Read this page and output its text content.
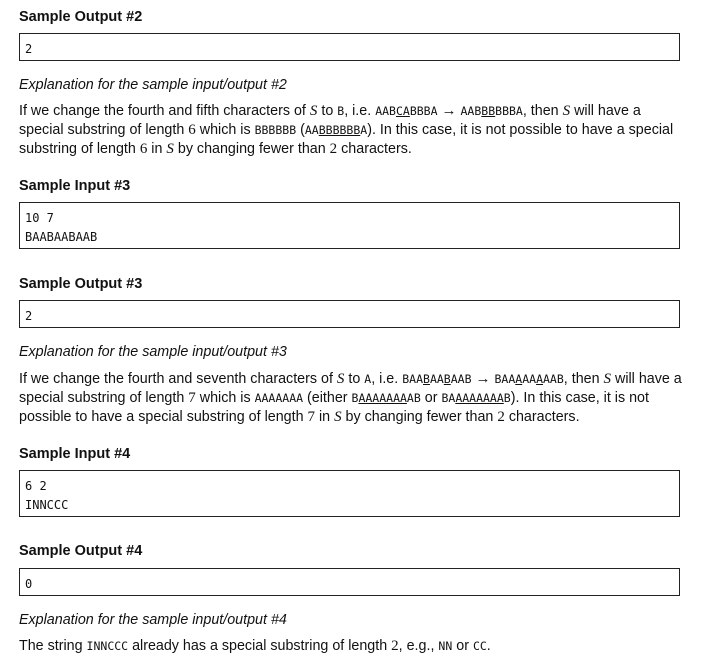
Sample Output #2
2

Explanation for the sample input/output #2

If we change the fourth and fifth characters of S to B, i.e. AABCABBBA → AABBBBBBA, then S will have a special substring of length 6 which is BBBBBB (AABBBBBBA). In this case, it is not possible to have a special substring of length 6 in S by changing fewer than 2 characters.

Sample Input #3
10 7
BAABAABAAB
Sample Output #3
2

Explanation for the sample input/output #3

If we change the fourth and seventh characters of S to A, i.e. BAABAABAAB → BAAAAAAAAB, then S will have a special substring of length 7 which is AAAAAAA (either BAAAAAAAAB or BAAAAAAAAB). In this case, it is not possible to have a special substring of length 7 in S by changing fewer than 2 characters.

Sample Input #4
6 2
INNCCC
Sample Output #4
0

Explanation for the sample input/output #4

The string INNCCC already has a special substring of length 2, e.g., NN or CC.
